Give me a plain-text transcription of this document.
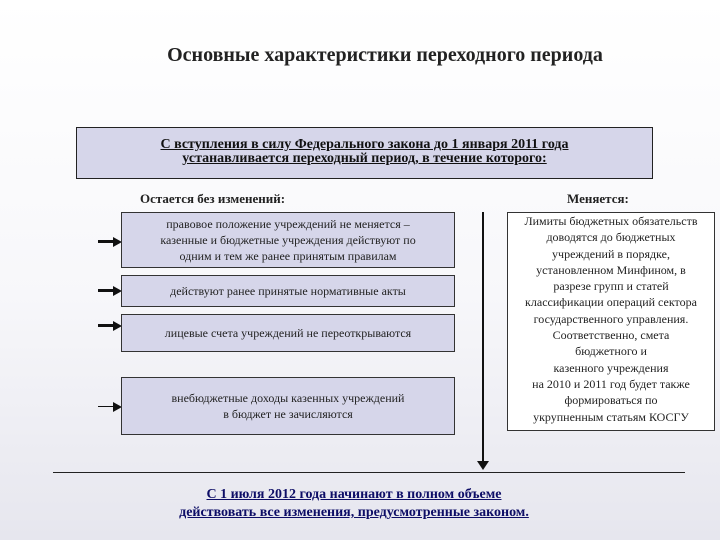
Основные характеристики переходного периода
С вступления в силу Федерального закона до 1 января 2011 года
устанавливается переходный период, в течение которого:
Остается без изменений:	Меняется:
правовое положение учреждений не меняется –
казенные и бюджетные учреждения действуют по
одним и тем же ранее принятым правилам
действуют ранее принятые нормативные акты
лицевые счета учреждений не переоткрываются
внебюджетные доходы казенных учреждений
в бюджет не зачисляются
Лимиты бюджетных обязательств
доводятся до бюджетных
учреждений в порядке,
установленном Минфином, в
разрезе групп и статей
классификации операций сектора
государственного управления.
Соответственно, смета
бюджетного и
казенного учреждения
на 2010 и 2011 год будет также
формироваться по
укрупненным статьям КОСГУ
С 1 июля 2012 года начинают в полном объеме
действовать все изменения, предусмотренные законом.
